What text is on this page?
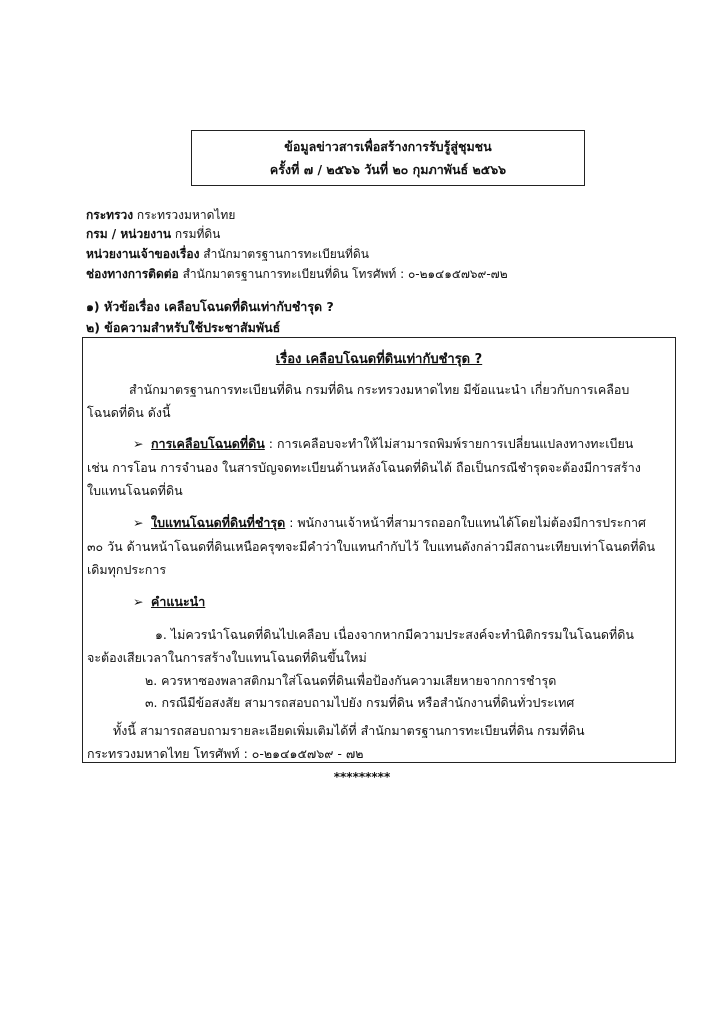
ข้อมูลข่าวสารเพื่อสร้างการรับรู้สู่ชุมชน
ครั้งที่ ๗ / ๒๕๖๖ วันที่ ๒๐ กุมภาพันธ์ ๒๕๖๖
กระทรวง กระทรวงมหาดไทย
กรม / หน่วยงาน กรมที่ดิน
หน่วยงานเจ้าของเรื่อง สำนักมาตรฐานการทะเบียนที่ดิน
ช่องทางการติดต่อ สำนักมาตรฐานการทะเบียนที่ดิน โทรศัพท์ : ๐-๒๑๔๑๕๗๖๙-๗๒
๑) หัวข้อเรื่อง เคลือบโฉนดที่ดินเท่ากับชำรุด ?
๒) ข้อความสำหรับใช้ประชาสัมพันธ์
เรื่อง เคลือบโฉนดที่ดินเท่ากับชำรุด ?
สำนักมาตรฐานการทะเบียนที่ดิน กรมที่ดิน กระทรวงมหาดไทย มีข้อแนะนำ เกี่ยวกับการเคลือบ
โฉนดที่ดิน ดังนี้
➢ การเคลือบโฉนดที่ดิน : การเคลือบจะทำให้ไม่สามารถพิมพ์รายการเปลี่ยนแปลงทางทะเบียน
เช่น การโอน การจำนอง ในสารบัญจดทะเบียนด้านหลังโฉนดที่ดินได้ ถือเป็นกรณีชำรุดจะต้องมีการสร้าง
ใบแทนโฉนดที่ดิน
➢ ใบแทนโฉนดที่ดินที่ชำรุด : พนักงานเจ้าหน้าที่สามารถออกใบแทนได้โดยไม่ต้องมีการประกาศ
๓๐ วัน ด้านหน้าโฉนดที่ดินเหนือครุฑจะมีคำว่าใบแทนกำกับไว้ ใบแทนดังกล่าวมีสถานะเทียบเท่าโฉนดที่ดิน
เดิมทุกประการ
➢ คำแนะนำ
๑. ไม่ควรนำโฉนดที่ดินไปเคลือบ เนื่องจากหากมีความประสงค์จะทำนิติกรรมในโฉนดที่ดิน
จะต้องเสียเวลาในการสร้างใบแทนโฉนดที่ดินขึ้นใหม่
๒. ควรหาซองพลาสติกมาใส่โฉนดที่ดินเพื่อป้องกันความเสียหายจากการชำรุด
๓. กรณีมีข้อสงสัย สามารถสอบถามไปยัง กรมที่ดิน หรือสำนักงานที่ดินทั่วประเทศ
ทั้งนี้ สามารถสอบถามรายละเอียดเพิ่มเติมได้ที่ สำนักมาตรฐานการทะเบียนที่ดิน กรมที่ดิน
กระทรวงมหาดไทย โทรศัพท์ : ๐-๒๑๔๑๕๗๖๙ - ๗๒
*********
